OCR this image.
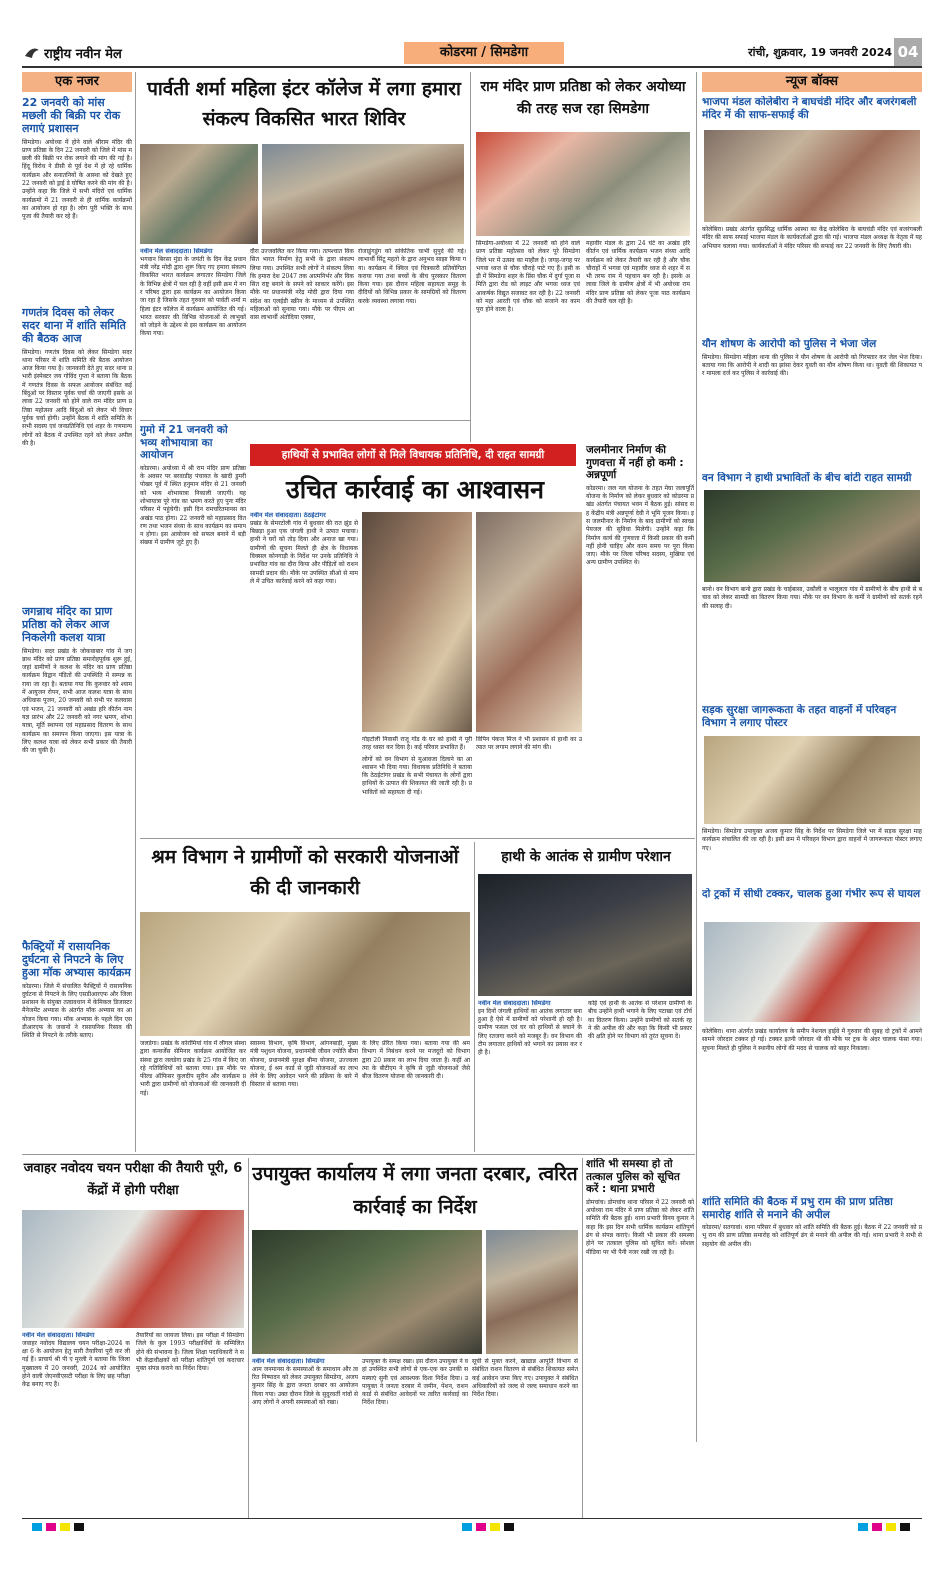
राष्ट्रीय नवीन मेल	कोडरमा / सिमडेगा	रांची, शुक्रवार, 19 जनवरी 2024 04
एक नजर
22 जनवरी को मांस मछली की बिक्री पर रोक लगाएं प्रशासन
सिमडेगा। अयोध्या में होने वाले श्रीराम मंदिर की प्राण प्रतिष्ठा के दिन 22 जनवरी को जिले में मांस मछली की बिक्री पर रोक लगाने की मांग की गई है। हिंदू विरोध ने डीसी से पूर्व देश में हो रहे धार्मिक कार्यक्रम और सनातनियों के आस्था को देखते हुए 22 जनवरी को ड्राई डे घोषित करने की मांग की है। उन्होंने कहा कि जिले में सभी मंदिरों एवं धार्मिक कार्यक्रमों में 21 जनवरी से ही धार्मिक कार्यक्रमों का आयोजन हो रहा है। लोग पूरी भक्ति के साथ पूजा की तैयारी कर रहे हैं।
गणतंत्र दिवस को लेकर सदर थाना में शांति समिति की बैठक आज
सिमडेगा। गणतंत्र दिवस को लेकर सिमडेगा सदर थाना परिसर में शांति समिति की बैठक आयोजन आज किया गया है। जानकारी देते हुए सदर थाना प्रभारी इंस्पेक्टर जय गोविंद गुप्ता ने बताया कि बैठक में गणतंत्र दिवस के सफल आयोजन संबंधित कई बिंदुओं पर विस्तार पूर्वक चर्चा की जाएगी इसके अलावा 22 जनवरी को होने वाले राम मंदिर प्राण प्रतिष्ठा महोत्सव आदि बिंदुओं को लेकर भी विचार पूर्वक चर्चा होगी। उन्होंने बैठक में शांति समिति के सभी सदस्य एवं जनप्रतिनिधि एवं शहर के गणमान्य लोगों को बैठक में उपस्थित रहने को लेकर अपील की है।
जगन्नाथ मंदिर का प्राण प्रतिष्ठा को लेकर आज निकलेगी कलश यात्रा
सिमडेगा। सदर प्रखंड के जोकवाबार गांव में जगन्नाथ मंदिर को प्राण प्रतिष्ठा समारोहपूर्वक शुरू हुई, जहां ग्रामीणों ने कलश के मंदिर का प्राण प्रतिष्ठा कार्यक्रम विद्वान पंडितों की उपस्थिति में सम्पन्न कराया जा रहा है। बताया गया कि कुरुवार को श्याम में आयुजन रोपन, सभी आज कलश यात्रा के साथ अधिवास पूजन, 20 जनवरी को सभी पर कलवास एवं भजन, 21 जनवरी को अखंड हरि कीर्तन नाम यज्ञ प्रारंभ और 22 जनवरी को नगर भ्रमण, शोभा यात्रा, मूर्ति स्थापना एवं महाप्रसाद वितरण के साथ कार्यक्रम का समापन किया जाएगा। इस यात्रा के लिए कलश यात्रा को लेकर सभी प्रकार की तैयारी की जा चुकी है।
फैक्ट्रियों में रासायनिक दुर्घटना से निपटने के लिए हुआ मॉक अभ्यास कार्यक्रम
कोडरमा। जिले में संचालित फैक्ट्रियों में रासायनिक दुर्घटना से निपटने के लिए एसडीआरएफ और जिला प्रशासन के संयुक्त तत्वावधान में केमिकल डिजास्टर मैनेजमेंट अभ्यास के अंतर्गत मॉक अभ्यास का आयोजन किया गया। मॉक अभ्यास के पहले दिन एसडीआरएफ के जवानों ने रासायनिक रिसाव की स्थिति से निपटने के तरीके बताए।
पार्वती शर्मा महिला इंटर कॉलेज में लगा हमारा संकल्प विकसित भारत शिविर
नवीन मेल संवाददाता। सिमडेगा
भगवान बिरसा मुंडा के जयंती के दिन केंद्र प्रधानमंत्री नरेंद्र मोदी द्वारा शुरू किए गए हमारा संकल्प विकसित भारत कार्यक्रम लगातार सिमडेगा जिले के विभिन्न क्षेत्रों में चल रही है वहीं इसी क्रम में नगर परिषद द्वारा इस कार्यक्रम का आयोजन किया जा रहा है जिसके तहत गुरुवार को पार्वती शर्मा महिला इंटर कॉलेज में कार्यक्रम आयोजित की गई। भारत सरकार की विभिन्न योजनाओं से लाभुकों को जोड़ने के उद्देश्य से इस कार्यक्रम का आयोजन किया गया।
दौरा उज्जवलित कर किया गया। तत्पश्चात विकसित भारत निर्माण हेतु सभी के द्वारा संकल्प लिया गया। उपस्थित सभी लोगों ने संकल्प लिया कि हमारा देश 2047 तक आत्मनिर्भर और विकसित राष्ट्र बनाने के सपने को साकार करेंगे। इस मौके पर प्रधानमंत्री नरेंद्र मोदी द्वारा दिया गया संदेश का एलईडी स्क्रीन के माध्यम से उपस्थित महिलाओं को सुनाया गया। मौके पर पीएम आवास लाभार्थी अंतोदिया एक्का,
रोजाडुंगडुंग को सांकेतिक चाभी सुपुर्द की गई। लाभार्थी सिंटू महतो के द्वारा अनुभव साझा किया गया। कार्यक्रम में क्विज एवं चित्रकारी प्रतियोगिता कराया गया तथा बच्चों के बीच पुरस्कार वितरण किया गया। इस दौरान महिला सहायता समूह के दीदियों को विभिन्न प्रकार के सामग्रियों को वितरण करके व्यवस्था लगाया गया।
राम मंदिर प्राण प्रतिष्ठा को लेकर अयोध्या की तरह सज रहा सिमडेगा
सिमडेगा-अयोध्या में 22 जनवरी को होने वाले प्राण प्रतिष्ठा महोत्सव को लेकर पूरे सिमडेगा जिले भर में उत्सव का माहौल है। जगह-जगह पर भगवा ध्वज से चौक चौराहे पाटे गए हैं। इसी कड़ी में सिमडेगा शहर के प्रिंस चौक में दुर्गा पूजा समिति द्वारा रोड को लाइट और भगवा ध्वज एवं आकर्षक विद्युत सजावट कर रही है। 22 जनवरी को महा आरती एवं चौक को सजाने का काम पूरा होने वाला है।
महावीर मंडल के द्वारा 24 घंटे का अखंड हरि कीर्तन एवं धार्मिक कार्यक्रम भजन संध्या आदि कार्यक्रम को लेकर तैयारी कर रही है और चौक चौराहों में भगवा एवं महावीर ध्वज से शहर में सभी तरफ राम में पहचान बन रही है। इसके अलावा जिले के ग्रामीण क्षेत्रों में भी अयोध्या राम मंदिर प्राण प्रतिष्ठा को लेकर पूजा पाठ कार्यक्रम की तैयारी चल रही है।
गुमो में 21 जनवरी को भव्य शोभायात्रा का आयोजन
कोडरमा। अयोध्या में श्री राम मंदिर प्राण प्रतिष्ठा के अवसर पर बरवाडीह पंचायत के खादी डुमरी पोखर पूर्व में स्थित हनुमान मंदिर से 21 जनवरी को भव्य शोभायात्रा निकाली जाएगी। यह शोभायात्रा पूरे गांव का भ्रमण करते हुए पुनः मंदिर परिसर में पहुंचेगी। इसी दिन रामचरितमानस का अखंड पाठ होगा। 22 जनवरी को महाप्रसाद वितरण तथा भजन संध्या के साथ कार्यक्रम का समापन होगा। इस आयोजन को सफल बनाने में बड़ी संख्या में ग्रामीण जुटे हुए हैं।
हाथियों से प्रभावित लोगों से मिले विधायक प्रतिनिधि, दी राहत सामग्री	जलमीनार निर्माण की गुणवत्ता में नहीं हो कमी : अन्नपूर्णा
कोडरमा। जल नल योजना के तहत मेघा जलापूर्ति योजना के निर्माण को लेकर बुधवार को कोडरमा प्रखंड अंतर्गत पंचायत भवन में बैठक हुई। सांसद सह केंद्रीय मंत्री अन्नपूर्णा देवी ने भूमि पूजन किया। इस जलमीनार के निर्माण के बाद ग्रामीणों को स्वच्छ पेयजल की सुविधा मिलेगी। उन्होंने कहा कि निर्माण कार्य की गुणवत्ता में किसी प्रकार की कमी नहीं होनी चाहिए और काम समय पर पूरा किया जाए। मौके पर जिला परिषद सदस्य, मुखिया एवं अन्य ग्रामीण उपस्थित थे।
उचित कार्रवाई का आश्वासन
नवीन मेल संवाददाता। ठेठईटांगर
प्रखंड के सेमरटोली गांव में बुधवार की रात झुंड से बिछड़ा हुआ एक जंगली हाथी ने उत्पात मचाया। हाथी ने घरों को तोड़ दिया और अनाज खा गया। ग्रामीणों की सूचना मिलते ही क्षेत्र के विधायक विक्सल कोनगाड़ी के निर्देश पर उनके प्रतिनिधि ने प्रभावित गांव का दौरा किया और पीड़ितों को राशन सामग्री प्रदान की। मौके पर उपस्थित सीओ से मामले में उचित कार्रवाई करने को कहा गया।
गोइटोली निवासी राजू गोंड के घर को हाथी ने पूरी तरह ध्वस्त कर दिया है। कई परिवार प्रभावित हैं।
लोगों को वन विभाग से मुआवजा दिलाने का आश्वासन भी दिया गया। विधायक प्रतिनिधि ने बताया कि ठेठईटांगर प्रखंड के सभी पंचायत के लोगों द्वारा हाथियों के उत्पात की शिकायत की जाती रही है। प्रभावितों को सहायता दी गई।
विपिन पंकज मिंज ने भी प्रशासन से हाथी का उत्पात पर लगाम लगाने की मांग की।
श्रम विभाग ने ग्रामीणों को सरकारी योजनाओं की दी जानकारी
जलडेगा। प्रखंड के कोरोमियां गांव में लीगल संस्था द्वारा कन्वर्जेंस सेमिनार कार्यक्रम आयोजित कर संस्था द्वारा जलडेगा प्रखंड के 25 गांव में किए जा रहे गतिविधियों को बताया गया। इस मौके पर फील्ड ऑफिसर कुलदीप सुरीन और कार्यक्रम प्रभारी द्वारा ग्रामीणों को योजनाओं की जानकारी दी गई।
स्वास्थ्य विभाग, कृषि विभाग, आंगनबाड़ी, मुख्यमंत्री पशुधन योजना, प्रधानमंत्री जीवन ज्योति बीमा योजना, प्रधानमंत्री सुरक्षा बीमा योजना, उज्ज्वला योजना, ई श्रम कार्ड से जुड़ी योजनाओं का लाभ लेने के लिए आवेदन भरने की प्रक्रिया के बारे में विस्तार से बताया गया।
के लिए प्रेरित किया गया। बताया गया की श्रम विभाग में निबंधन करने पर मजदूरों को विभाग द्वारा 20 प्रकार का लाभ दिया जाता है। कहीं आत्मा के बीटीएम ने कृषि से जुड़ी योजनाओं जैसे बीज वितरण योजना की जानकारी दी।
हाथी के आतंक से ग्रामीण परेशान
नवीन मेल संवाददाता। सिमडेगा
इन दिनों जंगली हाथियों का आतंक लगातार बना हुआ है ऐसे में ग्रामीणों को परेशानी हो रही है। ग्रामीण फसल एवं घर को हाथियों से बचाने के लिए रतजगा करने को मजबूर हैं। वन विभाग की टीम लगातार हाथियों को भगाने का प्रयास कर रही है।
कोई एवं हाथी के आतंक से परेशान ग्रामीणों के बीच उन्होंने हाथी भगाने के लिए पटाखा एवं टॉर्च का वितरण किया। उन्होंने ग्रामीणों को सतर्क रहने की अपील की और कहा कि किसी भी प्रकार की क्षति होने पर विभाग को तुरंत सूचना दें।
जवाहर नवोदय चयन परीक्षा की तैयारी पूरी, 6 केंद्रों में होगी परीक्षा
नवीन मेल संवाददाता। सिमडेगा
जवाहर नवोदय विद्यालय चयन परीक्षा-2024 कक्षा 6 के आयोजन हेतु सारी तैयारियां पूरी कर ली गई हैं। प्राचार्य श्री पी ए मुरली ने बताया कि जिला मुख्यालय में 20 जनवरी, 2024 को आयोजित होने वाली जेएनवीएसटी परीक्षा के लिए छह परीक्षा केंद्र बनाए गए हैं।
तैयारियों का जायजा लिया। इस परीक्षा में सिमडेगा जिले के कुल 1993 परीक्षार्थियों के सम्मिलित होने की संभावना है। जिला शिक्षा पदाधिकारी ने सभी केंद्राधीक्षकों को परीक्षा शांतिपूर्ण एवं कदाचार मुक्त संपन्न कराने का निर्देश दिया।
उपायुक्त कार्यालय में लगा जनता दरबार, त्वरित कार्रवाई का निर्देश
नवीन मेल संवाददाता। सिमडेगा
आम जनमानस के समस्याओं के समाधान और त्वरित निष्पादन को लेकर उपायुक्त सिमडेगा, अजय कुमार सिंह के द्वारा जनता दरबार का आयोजन किया गया। उक्त दौरान जिले के सुदूरवर्ती गांवों से आए लोगों ने अपनी समस्याओं को रखा।
उपायुक्त के समक्ष रखा। इस दौरान उपायुक्त ने वहां उपस्थित सभी लोगों से एक-एक कर उनकी समस्याएं सुनी एवं आवश्यक दिशा निर्देश दिया। उपायुक्त ने जनता दरबार में जमीन, पेंशन, राशन कार्ड से संबंधित आवेदनों पर त्वरित कार्रवाई का निर्देश दिया।
सूची से मुक्त करने, खाद्यान्न आपूर्ति विभाग से संबंधित राशन वितरण से संबंधित शिकायत समेत कई आवेदन जमा किए गए। उपायुक्त ने संबंधित अधिकारियों को जल्द से जल्द समाधान करने का निर्देश दिया।
शांति भी समस्या हो तो तत्काल पुलिस को सूचित करें : थाना प्रभारी
डोमचांच। डोमचांच थाना परिसर में 22 जनवरी को अयोध्या राम मंदिर में प्राण प्रतिष्ठा को लेकर शांति समिति की बैठक हुई। थाना प्रभारी विनय कुमार ने कहा कि इस दिन सभी धार्मिक कार्यक्रम शांतिपूर्ण ढंग से संपन्न कराएं। किसी भी प्रकार की समस्या होने पर तत्काल पुलिस को सूचित करें। सोशल मीडिया पर भी पैनी नजर रखी जा रही है।
न्यूज बॉक्स
भाजपा मंडल कोलेबीरा ने बाघचंडी मंदिर और बजरंगबली मंदिर में की साफ-सफाई की
कोलेबिरा। प्रखंड अंतर्गत सुप्रसिद्ध धार्मिक आस्था का केंद्र कोलेबिरा के बाघचंडी मंदिर एवं बजरंगबली मंदिर की साफ सफाई भाजपा मंडल के कार्यकर्ताओं द्वारा की गई। भाजपा मंडल अध्यक्ष के नेतृत्व में यह अभियान चलाया गया। कार्यकर्ताओं ने मंदिर परिसर की सफाई कर 22 जनवरी के लिए तैयारी की।
यौन शोषण के आरोपी को पुलिस ने भेजा जेल
सिमडेगा। सिमडेगा महिला थाना की पुलिस ने यौन शोषण के आरोपी को गिरफ्तार कर जेल भेज दिया। बताया गया कि आरोपी ने शादी का झांसा देकर युवती का यौन शोषण किया था। युवती की शिकायत पर मामला दर्ज कर पुलिस ने कार्रवाई की।
वन विभाग ने हाथी प्रभावितों के बीच बांटी राहत सामग्री
बानो। वन विभाग बानो द्वारा प्रखंड के चाईबासा, उकौली व भालूलता गांव में ग्रामीणों के बीच हाथी से बचाव को लेकर सामग्री का वितरण किया गया। मौके पर वन विभाग के कर्मी ने ग्रामीणों को सतर्क रहने की सलाह दी।
सड़क सुरक्षा जागरूकता के तहत वाहनों में परिवहन विभाग ने लगाए पोस्टर
सिमडेगा। सिमडेगा उपायुक्त अजय कुमार सिंह के निर्देश पर सिमडेगा जिले भर में सड़क सुरक्षा माह कार्यक्रम संचालित की जा रही है। इसी क्रम में परिवहन विभाग द्वारा वाहनों में जागरूकता पोस्टर लगाए गए।
दो ट्रकों में सीधी टक्कर, चालक हुआ गंभीर रूप से घायल
कोलेबिरा। थाना अंतर्गत प्रखंड कार्यालय के समीप नेशनल हाईवे में गुरुवार की सुबह दो ट्रकों में आमने सामने जोरदार टक्कर हो गई। टक्कर इतनी जोरदार थी की मौके पर ट्रक के अंदर चालक फंसा गया। सूचना मिलते ही पुलिस ने स्थानीय लोगों की मदद से चालक को बाहर निकाला।
शांति समिति की बैठक में प्रभु राम की प्राण प्रतिष्ठा समारोह शांति से मनाने की अपील
कोडरमा/ सतगावां। थाना परिसर में बुधवार को शांति समिति की बैठक हुई। बैठक में 22 जनवरी को प्रभु राम की प्राण प्रतिष्ठा समारोह को शांतिपूर्ण ढंग से मनाने की अपील की गई। थाना प्रभारी ने सभी से सहयोग की अपील की।
